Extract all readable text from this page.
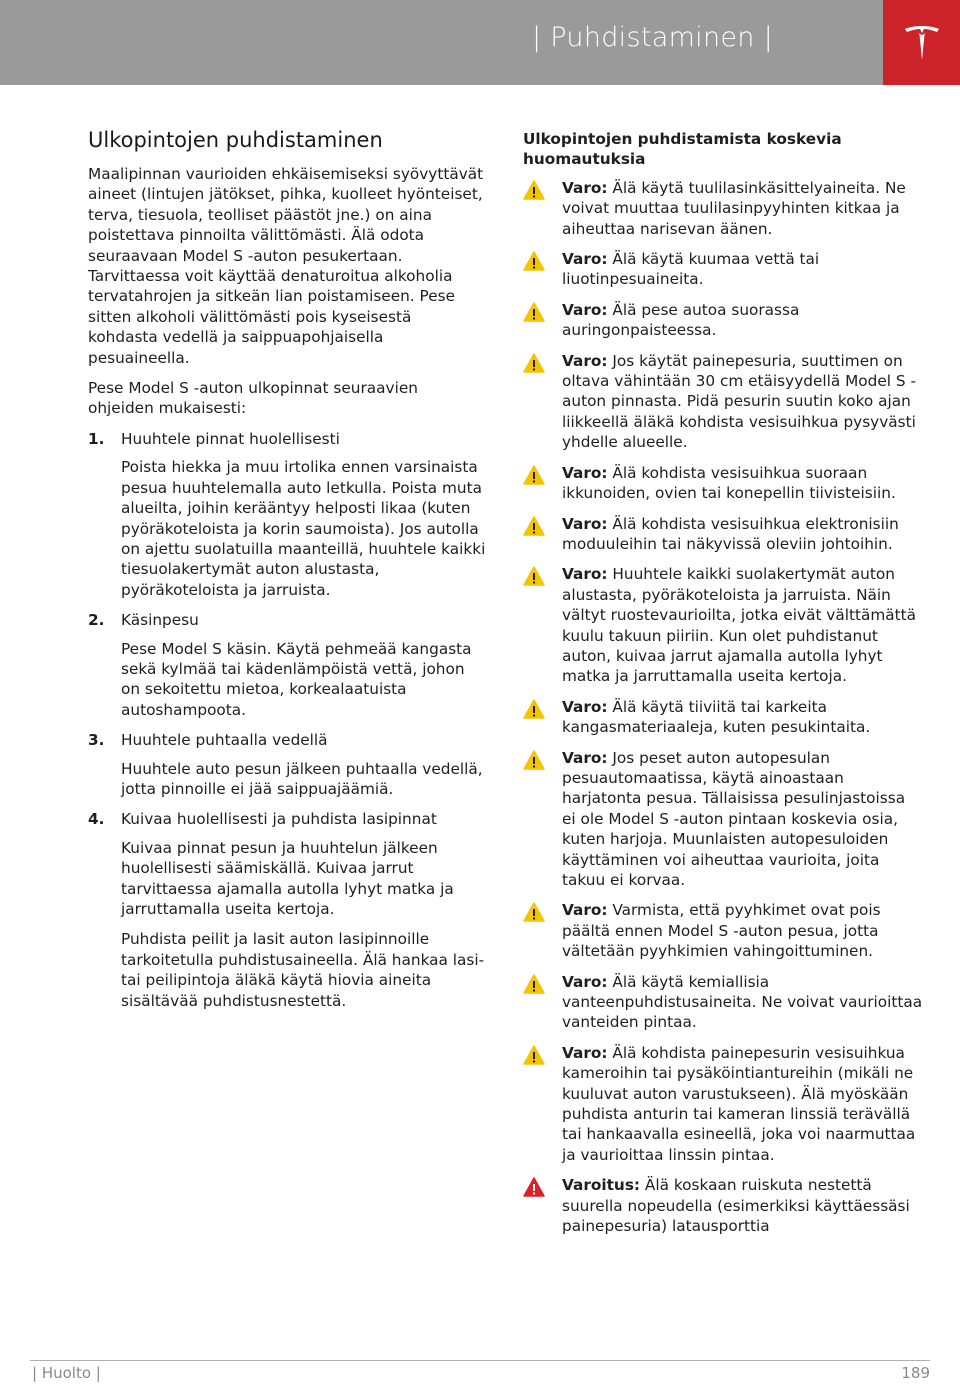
| Puhdistaminen |
Ulkopintojen puhdistaminen
Maalipinnan vaurioiden ehkäisemiseksi syövyttävät aineet (lintujen jätökset, pihka, kuolleet hyönteiset, terva, tiesuola, teolliset päästöt jne.) on aina poistettava pinnoilta välittömästi. Älä odota seuraavaan Model S -auton pesukertaan. Tarvittaessa voit käyttää denaturoitua alkoholia tervatahrojen ja sitkeän lian poistamiseen. Pese sitten alkoholi välittömästi pois kyseisestä kohdasta vedellä ja saippuapohjaisella pesuaineella.
Pese Model S -auton ulkopinnat seuraavien ohjeiden mukaisesti:
1.	Huuhtele pinnat huolellisesti
Poista hiekka ja muu irtolika ennen varsinaista pesua huuhtelemalla auto letkulla. Poista muta alueilta, joihin kerääntyy helposti likaa (kuten pyöräkoteloista ja korin saumoista). Jos autolla on ajettu suolatuilla maanteillä, huuhtele kaikki tiesuolakertymät auton alustasta, pyöräkoteloista ja jarruista.
2.	Käsinpesu
Pese Model S käsin. Käytä pehmeää kangasta sekä kylmää tai kädenlämpöistä vettä, johon on sekoitettu mietoa, korkealaatuista autoshampoota.
3.	Huuhtele puhtaalla vedellä
Huuhtele auto pesun jälkeen puhtaalla vedellä, jotta pinnoille ei jää saippuajäämiä.
4.	Kuivaa huolellisesti ja puhdista lasipinnat
Kuivaa pinnat pesun ja huuhtelun jälkeen huolellisesti säämiskällä. Kuivaa jarrut tarvittaessa ajamalla autolla lyhyt matka ja jarruttamalla useita kertoja.
Puhdista peilit ja lasit auton lasipinnoille tarkoitetulla puhdistusaineella. Älä hankaa lasi- tai peilipintoja äläkä käytä hiovia aineita sisältävää puhdistusnestettä.
Ulkopintojen puhdistamista koskevia huomautuksia
Varo: Älä käytä tuulilasinkäsittelyaineita. Ne voivat muuttaa tuulilasinpyyhinten kitkaa ja aiheuttaa narisevan äänen.
Varo: Älä käytä kuumaa vettä tai liuotinpesuaineita.
Varo: Älä pese autoa suorassa auringonpaisteessa.
Varo: Jos käytät painepesuria, suuttimen on oltava vähintään 30 cm etäisyydellä Model S -auton pinnasta. Pidä pesurin suutin koko ajan liikkeellä äläkä kohdista vesisuihkua pysyvästi yhdelle alueelle.
Varo: Älä kohdista vesisuihkua suoraan ikkunoiden, ovien tai konepellin tiivisteisiin.
Varo: Älä kohdista vesisuihkua elektronisiin moduuleihin tai näkyvissä oleviin johtoihin.
Varo: Huuhtele kaikki suolakertymät auton alustasta, pyöräkoteloista ja jarruista. Näin vältyt ruostevaurioilta, jotka eivät välttämättä kuulu takuun piiriin. Kun olet puhdistanut auton, kuivaa jarrut ajamalla autolla lyhyt matka ja jarruttamalla useita kertoja.
Varo: Älä käytä tiiviitä tai karkeita kangasmateriaaleja, kuten pesukintaita.
Varo: Jos peset auton autopesulan pesuautomaatissa, käytä ainoastaan harjatonta pesua. Tällaisissa pesulinjastoissa ei ole Model S -auton pintaan koskevia osia, kuten harjoja. Muunlaisten autopesuloiden käyttäminen voi aiheuttaa vaurioita, joita takuu ei korvaa.
Varo: Varmista, että pyyhkimet ovat pois päältä ennen Model S -auton pesua, jotta vältetään pyyhkimien vahingoittuminen.
Varo: Älä käytä kemiallisia vanteenpuhdistusaineita. Ne voivat vaurioittaa vanteiden pintaa.
Varo: Älä kohdista painepesurin vesisuihkua kameroihin tai pysäköintiantureihin (mikäli ne kuuluvat auton varustukseen). Älä myöskään puhdista anturin tai kameran linssiä terävällä tai hankaavalla esineellä, joka voi naarmuttaa ja vaurioittaa linssin pintaa.
Varoitus: Älä koskaan ruiskuta nestettä suurella nopeudella (esimerkiksi käyttäessäsi painepesuria) latausporttia
| Huolto |	189
